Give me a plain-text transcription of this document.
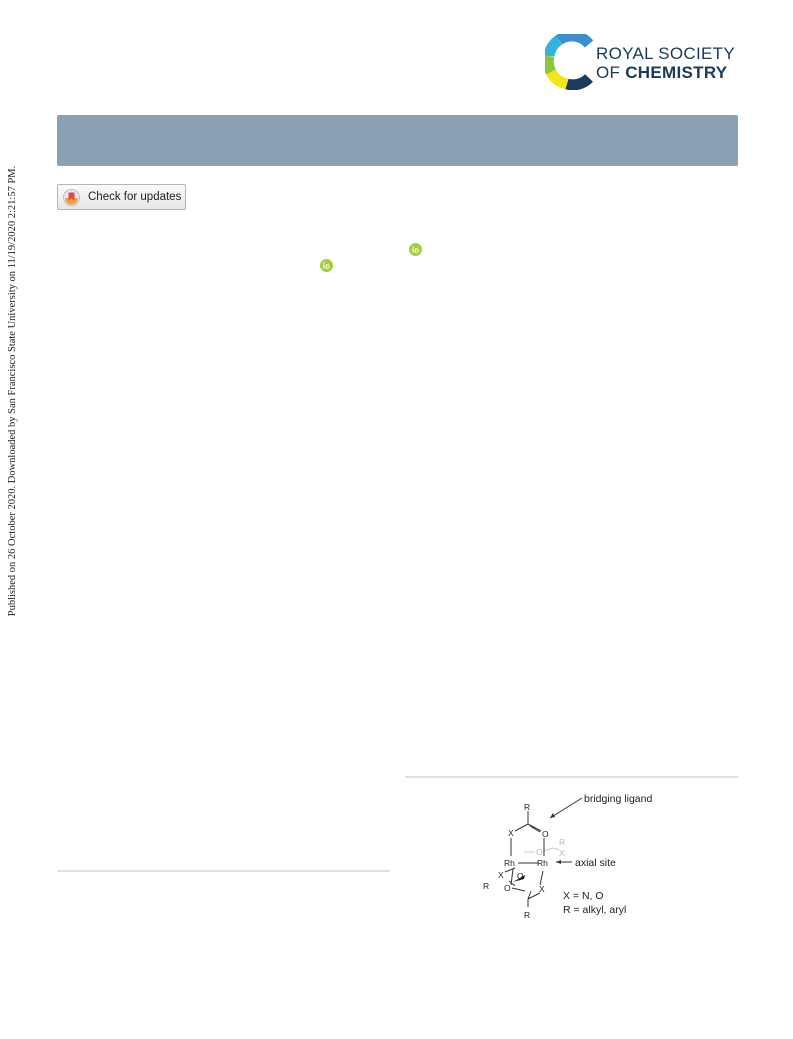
Published on 26 October 2020. Downloaded by San Francisco State University on 11/19/2020 2:21:57 PM.
ROYAL SOCIETY
OF CHEMISTRY
Check for updates
O
R
X
R
X	O
Rh	Rh
X O
R O	X
R
bridging ligand
axial site
X = N, O
R = alkyl, aryl
